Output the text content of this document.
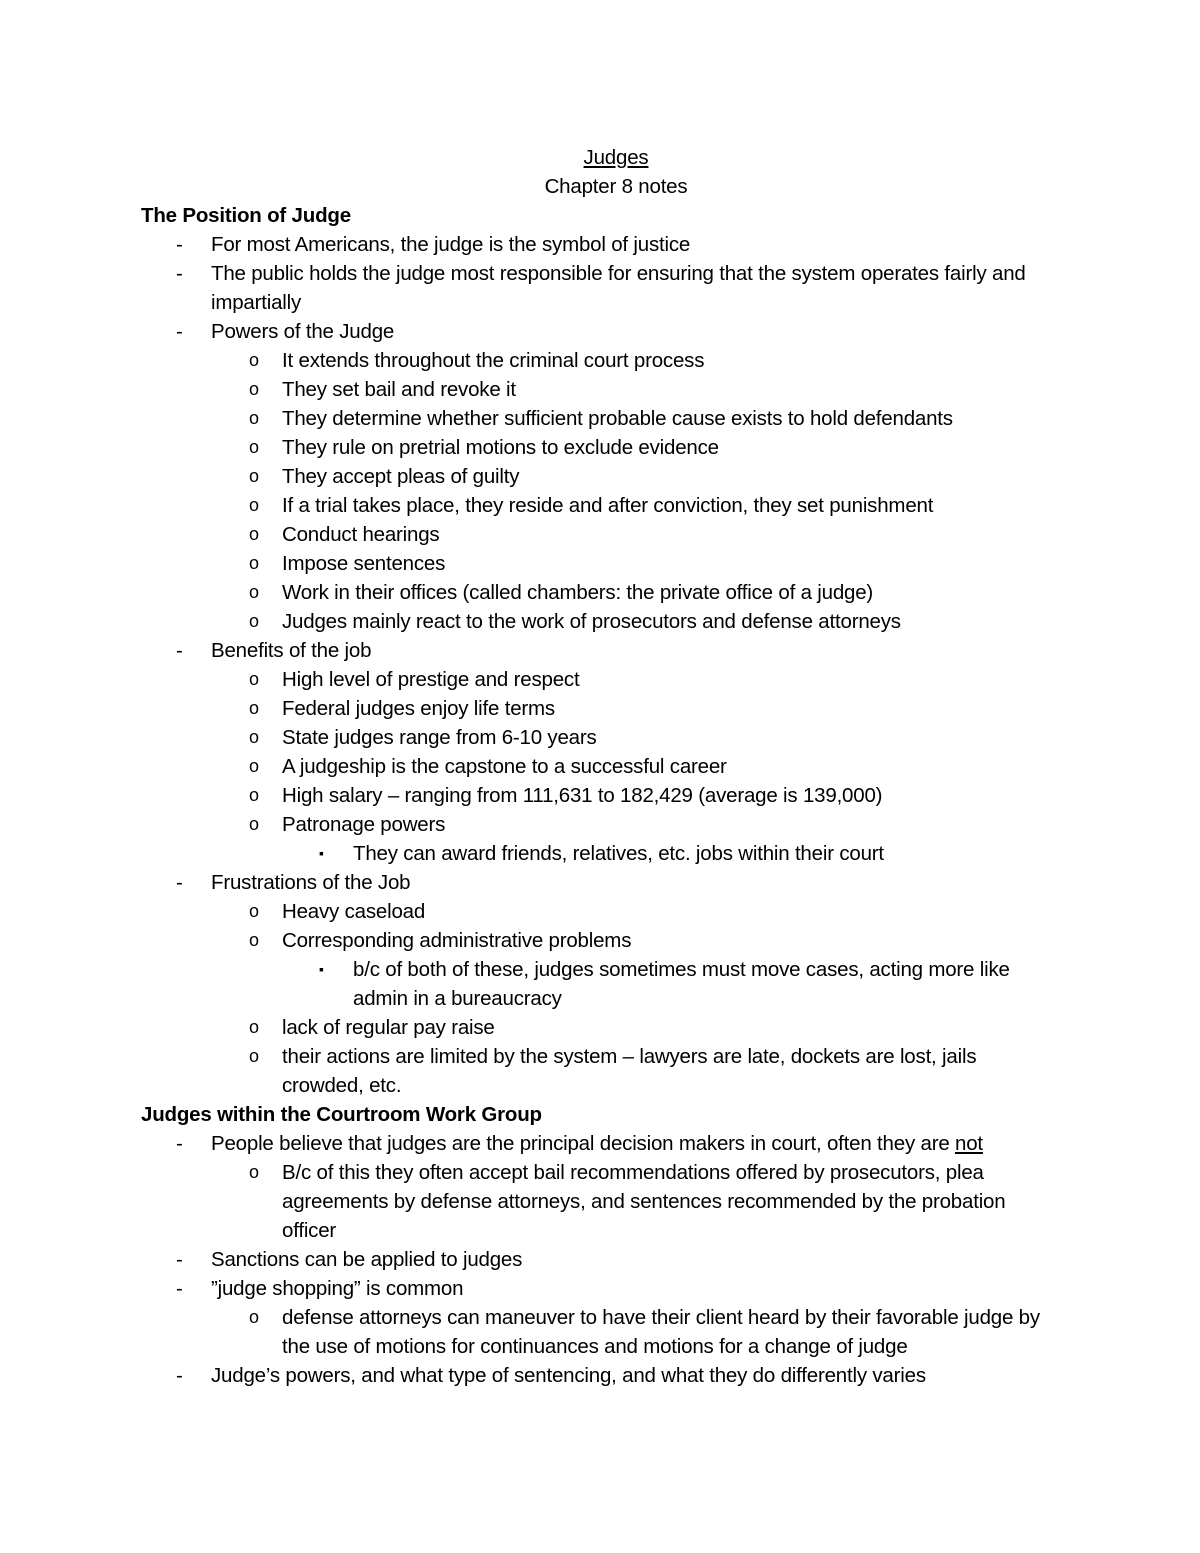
Judges
Chapter 8 notes
The Position of Judge
- For most Americans, the judge is the symbol of justice
- The public holds the judge most responsible for ensuring that the system operates fairly and impartially
- Powers of the Judge
o It extends throughout the criminal court process
o They set bail and revoke it
o They determine whether sufficient probable cause exists to hold defendants
o They rule on pretrial motions to exclude evidence
o They accept pleas of guilty
o If a trial takes place, they reside and after conviction, they set punishment
o Conduct hearings
o Impose sentences
o Work in their offices (called chambers: the private office of a judge)
o Judges mainly react to the work of prosecutors and defense attorneys
- Benefits of the job
o High level of prestige and respect
o Federal judges enjoy life terms
o State judges range from 6-10 years
o A judgeship is the capstone to a successful career
o High salary – ranging from 111,631 to 182,429 (average is 139,000)
o Patronage powers
▪ They can award friends, relatives, etc. jobs within their court
- Frustrations of the Job
o Heavy caseload
o Corresponding administrative problems
▪ b/c of both of these, judges sometimes must move cases, acting more like admin in a bureaucracy
o lack of regular pay raise
o their actions are limited by the system – lawyers are late, dockets are lost, jails crowded, etc.
Judges within the Courtroom Work Group
- People believe that judges are the principal decision makers in court, often they are not
o B/c of this they often accept bail recommendations offered by prosecutors, plea agreements by defense attorneys, and sentences recommended by the probation officer
- Sanctions can be applied to judges
- ”judge shopping” is common
o defense attorneys can maneuver to have their client heard by their favorable judge by the use of motions for continuances and motions for a change of judge
- Judge’s powers, and what type of sentencing, and what they do differently varies
